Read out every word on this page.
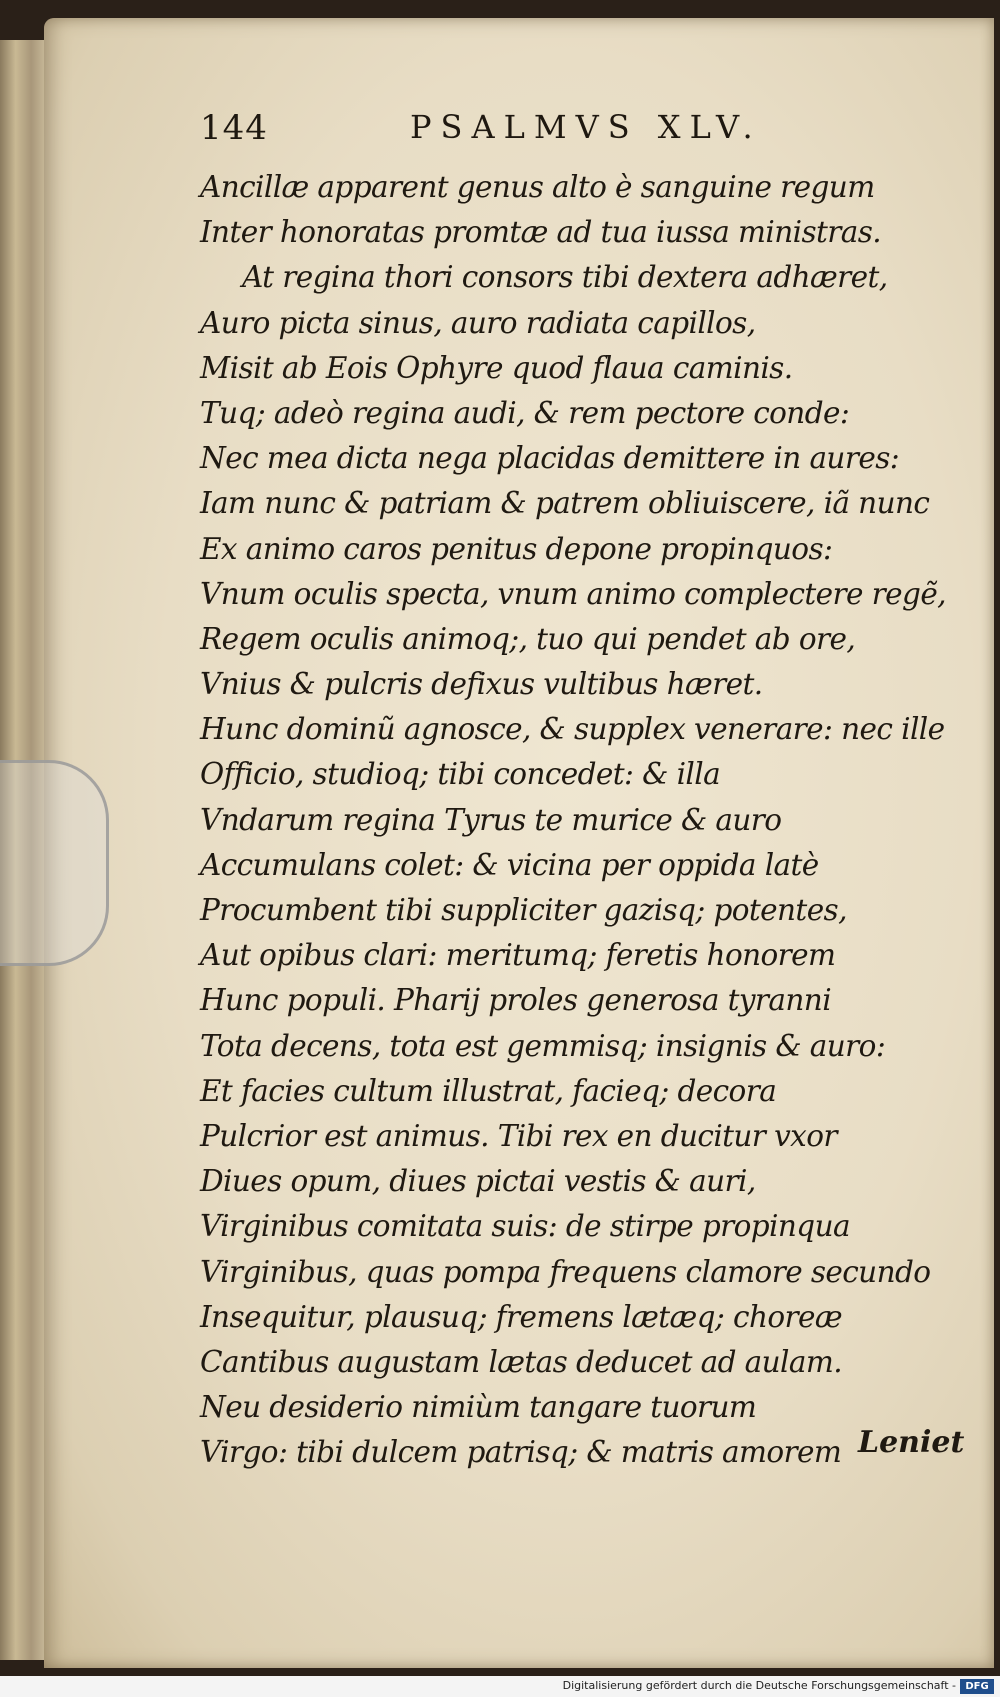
144	PSALMVS XLV.
Ancillæ apparent genus alto è sanguine regum
Inter honoratas promtæ ad tua iussa ministras.
At regina thori consors tibi dextera adhæret,
Auro picta sinus, auro radiata capillos,
Misit ab Eois Ophyre quod flaua caminis.
Tuq; adeò regina audi, & rem pectore conde:
Nec mea dicta nega placidas demittere in aures:
Iam nunc & patriam & patrem obliuiscere, iã nunc
Ex animo caros penitus depone propinquos:
Vnum oculis specta, vnum animo complectere regẽ,
Regem oculis animoq;, tuo qui pendet ab ore,
Vnius & pulcris defixus vultibus hæret.
Hunc dominũ agnosce, & supplex venerare: nec ille
Officio, studioq; tibi concedet: & illa
Vndarum regina Tyrus te murice & auro
Accumulans colet: & vicina per oppida latè
Procumbent tibi suppliciter gazisq; potentes,
Aut opibus clari: meritumq; feretis honorem
Hunc populi. Pharij proles generosa tyranni
Tota decens, tota est gemmisq; insignis & auro:
Et facies cultum illustrat, facieq; decora
Pulcrior est animus. Tibi rex en ducitur vxor
Diues opum, diues pictai vestis & auri,
Virginibus comitata suis: de stirpe propinqua
Virginibus, quas pompa frequens clamore secundo
Insequitur, plausuq; fremens lætæq; choreæ
Cantibus augustam lætas deducet ad aulam.
Neu desiderio nimiùm tangare tuorum
Virgo: tibi dulcem patrisq; & matris amorem Leniet
Digitalisierung gefördert durch die Deutsche Forschungsgemeinschaft - DFG
